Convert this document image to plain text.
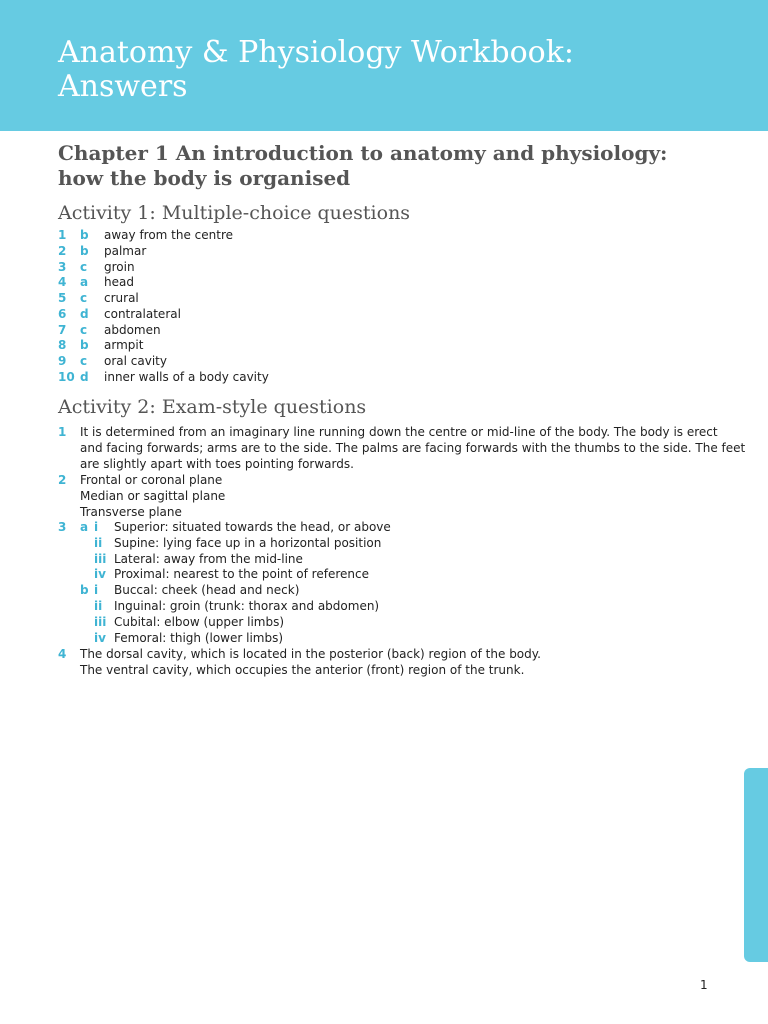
Anatomy & Physiology Workbook:
Answers
Chapter 1 An introduction to anatomy and physiology:
how the body is organised
Activity 1: Multiple-choice questions
1	b	away from the centre
2	b	palmar
3	c	groin
4	a	head
5	c	crural
6	d	contralateral
7	c	abdomen
8	b	armpit
9	c	oral cavity
10 d	inner walls of a body cavity
Activity 2: Exam-style questions
1 It is determined from an imaginary line running down the centre or mid-line of the body. The body is erect
and facing forwards; arms are to the side. The palms are facing forwards with the thumbs to the side. The feet
are slightly apart with toes pointing forwards.
2 Frontal or coronal plane
Median or sagittal plane
Transverse plane
3 a i	Superior: situated towards the head, or above
ii Supine: lying face up in a horizontal position
iii Lateral: away from the mid-line
iv Proximal: nearest to the point of reference
b i	Buccal: cheek (head and neck)
ii Inguinal: groin (trunk: thorax and abdomen)
iii Cubital: elbow (upper limbs)
iv Femoral: thigh (lower limbs)
4 The dorsal cavity, which is located in the posterior (back) region of the body.
The ventral cavity, which occupies the anterior (front) region of the trunk.
1
